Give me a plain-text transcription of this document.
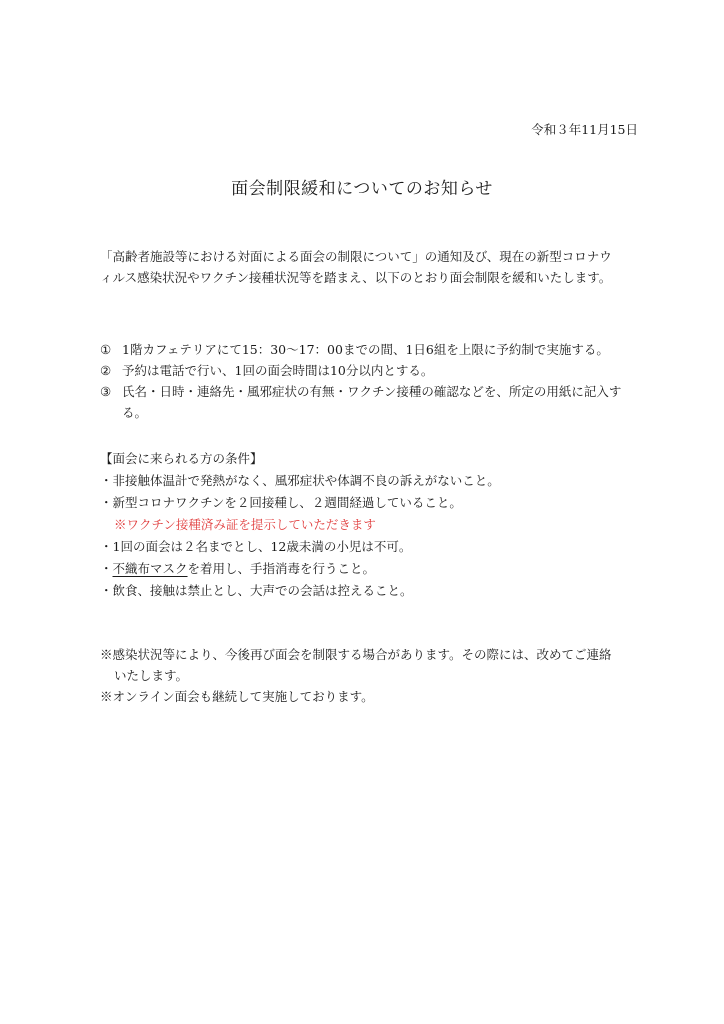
令和３年11月15日
面会制限緩和についてのお知らせ

「高齢者施設等における対面による面会の制限について」の通知及び、現在の新型コロナウ

ィルス感染状況やワクチン接種状況等を踏まえ、以下のとおり面会制限を緩和いたします。

① 1階カフェテリアにて15：30～17：00までの間、1日6組を上限に予約制で実施する。
② 予約は電話で行い、1回の面会時間は10分以内とする。
③ 氏名・日時・連絡先・風邪症状の有無・ワクチン接種の確認などを、所定の用紙に記入する。

【面会に来られる方の条件】

・非接触体温計で発熱がなく、風邪症状や体調不良の訴えがないこと。
・新型コロナワクチンを２回接種し、２週間経過していること。
※ワクチン接種済み証を提示していただきます
・1回の面会は２名までとし、12歳未満の小児は不可。
・不織布マスクを着用し、手指消毒を行うこと。
・飲食、接触は禁止とし、大声での会話は控えること。

※感染状況等により、今後再び面会を制限する場合があります。その際には、改めてご連絡

いたします。

※オンライン面会も継続して実施しております。
